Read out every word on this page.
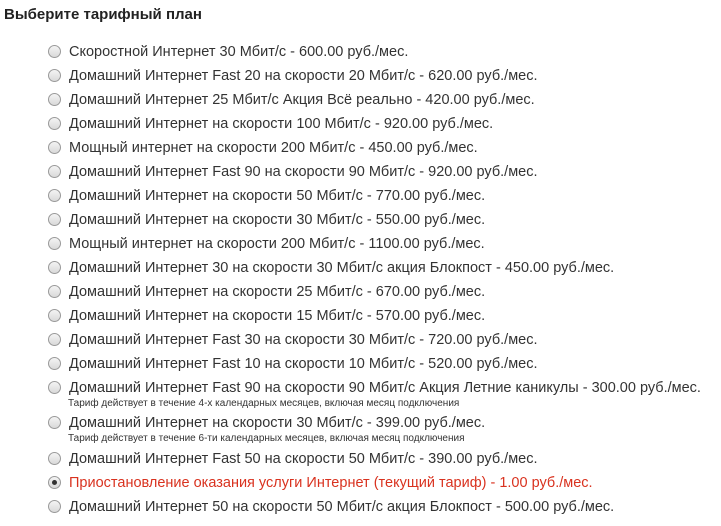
Выберите тарифный план
Скоростной Интернет 30 Мбит/с - 600.00 руб./мес.
Домашний Интернет Fast 20 на скорости 20 Мбит/с - 620.00 руб./мес.
Домашний Интернет 25 Мбит/с Акция Всё реально - 420.00 руб./мес.
Домашний Интернет на скорости 100 Мбит/с - 920.00 руб./мес.
Мощный интернет на скорости 200 Мбит/с - 450.00 руб./мес.
Домашний Интернет Fast 90 на скорости 90 Мбит/с - 920.00 руб./мес.
Домашний Интернет на скорости 50 Мбит/с - 770.00 руб./мес.
Домашний Интернет на скорости 30 Мбит/с - 550.00 руб./мес.
Мощный интернет на скорости 200 Мбит/с - 1100.00 руб./мес.
Домашний Интернет 30 на скорости 30 Мбит/с акция Блокпост - 450.00 руб./мес.
Домашний Интернет на скорости 25 Мбит/с - 670.00 руб./мес.
Домашний Интернет на скорости 15 Мбит/с - 570.00 руб./мес.
Домашний Интернет Fast 30 на скорости 30 Мбит/с - 720.00 руб./мес.
Домашний Интернет Fast 10 на скорости 10 Мбит/с - 520.00 руб./мес.
Домашний Интернет Fast 90 на скорости 90 Мбит/с Акция Летние каникулы - 300.00 руб./мес.
Тариф действует в течение 4-х календарных месяцев, включая месяц подключения
Домашний Интернет на скорости 30 Мбит/с - 399.00 руб./мес.
Тариф действует в течение 6-ти календарных месяцев, включая месяц подключения
Домашний Интернет Fast 50 на скорости 50 Мбит/с - 390.00 руб./мес.
Приостановление оказания услуги Интернет (текущий тариф) - 1.00 руб./мес.
Домашний Интернет 50 на скорости 50 Мбит/с акция Блокпост - 500.00 руб./мес.
